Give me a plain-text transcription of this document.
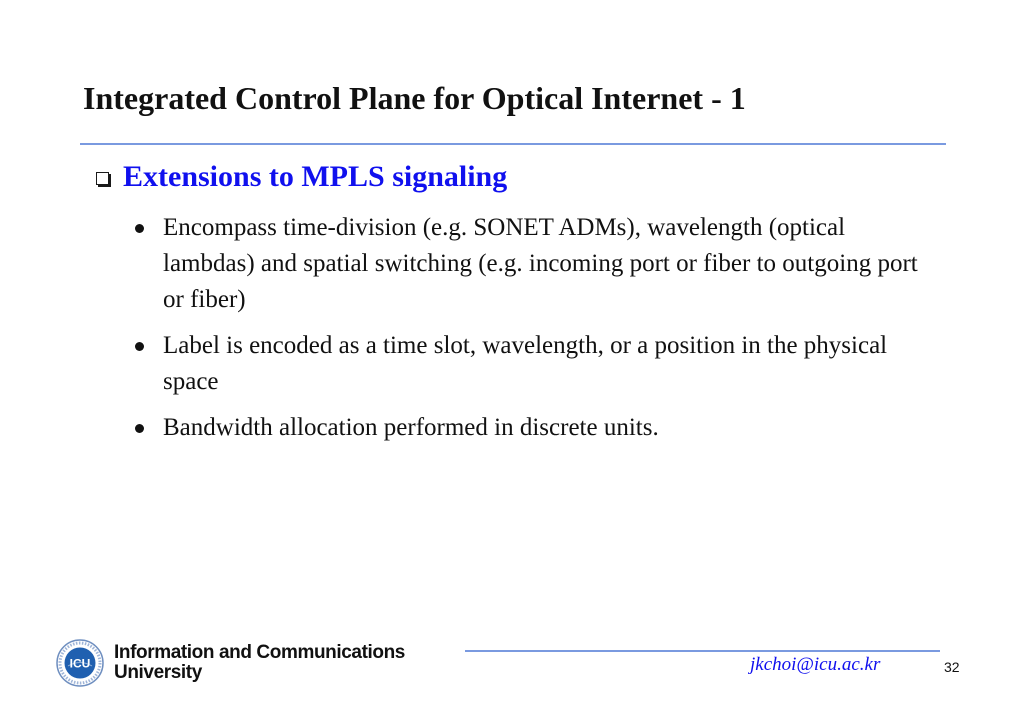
Integrated Control Plane for Optical Internet - 1
Extensions to MPLS signaling
Encompass time-division (e.g. SONET ADMs), wavelength (optical lambdas) and spatial switching (e.g. incoming port or fiber to outgoing port or fiber)
Label is encoded as a time slot, wavelength, or a position in the physical space
Bandwidth allocation performed in discrete units.
ICU
Information and Communications
University	jkchoi@icu.ac.kr	32
